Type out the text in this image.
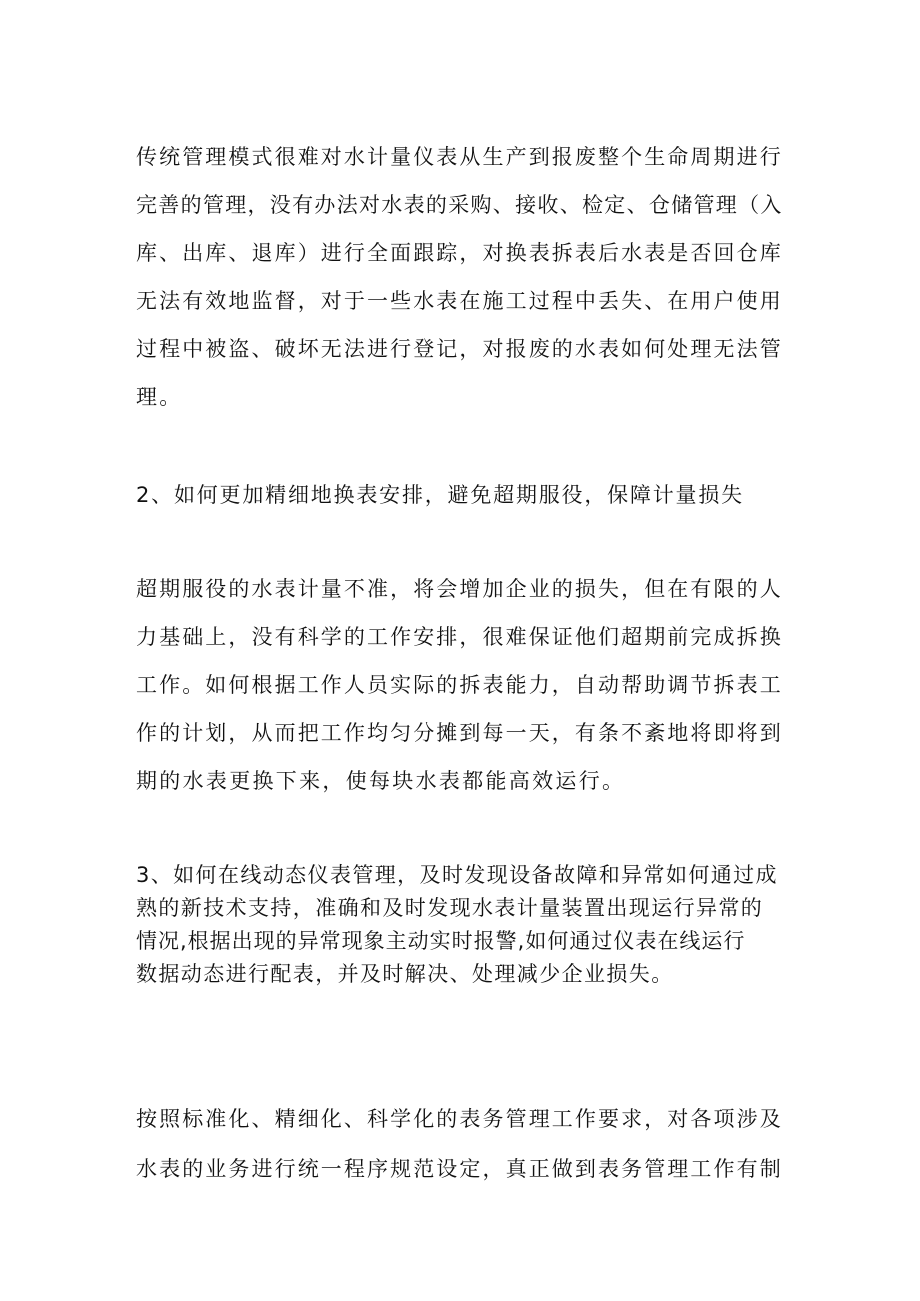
传统管理模式很难对水计量仪表从生产到报废整个生命周期进行
完善的管理，没有办法对水表的采购、接收、检定、仓储管理（入
库、出库、退库）进行全面跟踪，对换表拆表后水表是否回仓库
无法有效地监督，对于一些水表在施工过程中丢失、在用户使用
过程中被盗、破坏无法进行登记，对报废的水表如何处理无法管
理。
2、如何更加精细地换表安排，避免超期服役，保障计量损失
超期服役的水表计量不准，将会增加企业的损失，但在有限的人
力基础上，没有科学的工作安排，很难保证他们超期前完成拆换
工作。如何根据工作人员实际的拆表能力，自动帮助调节拆表工
作的计划，从而把工作均匀分摊到每一天，有条不紊地将即将到
期的水表更换下来，使每块水表都能高效运行。
3、如何在线动态仪表管理，及时发现设备故障和异常如何通过成
熟的新技术支持，准确和及时发现水表计量装置出现运行异常的
情况,根据出现的异常现象主动实时报警,如何通过仪表在线运行
数据动态进行配表，并及时解决、处理减少企业损失。
按照标准化、精细化、科学化的表务管理工作要求，对各项涉及
水表的业务进行统一程序规范设定，真正做到表务管理工作有制
